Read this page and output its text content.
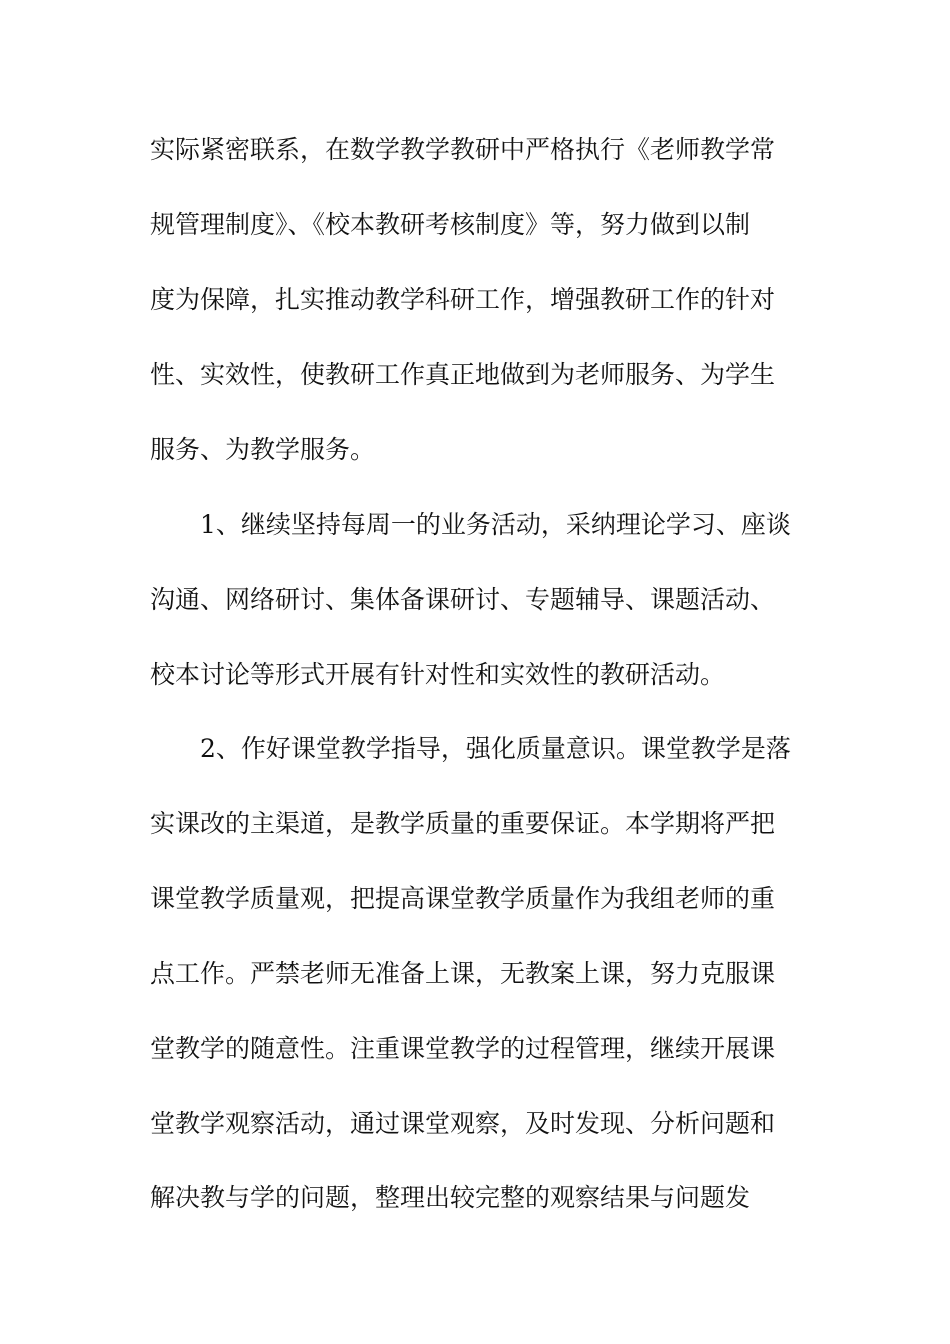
实际紧密联系，在数学教学教研中严格执行《老师教学常
规管理制度》、《校本教研考核制度》等，努力做到以制
度为保障，扎实推动教学科研工作，增强教研工作的针对
性、实效性，使教研工作真正地做到为老师服务、为学生
服务、为教学服务。
1、继续坚持每周一的业务活动，采纳理论学习、座谈
沟通、网络研讨、集体备课研讨、专题辅导、课题活动、
校本讨论等形式开展有针对性和实效性的教研活动。
2、作好课堂教学指导，强化质量意识。课堂教学是落
实课改的主渠道，是教学质量的重要保证。本学期将严把
课堂教学质量观，把提高课堂教学质量作为我组老师的重
点工作。严禁老师无准备上课，无教案上课，努力克服课
堂教学的随意性。注重课堂教学的过程管理，继续开展课
堂教学观察活动，通过课堂观察，及时发现、分析问题和
解决教与学的问题，整理出较完整的观察结果与问题发
